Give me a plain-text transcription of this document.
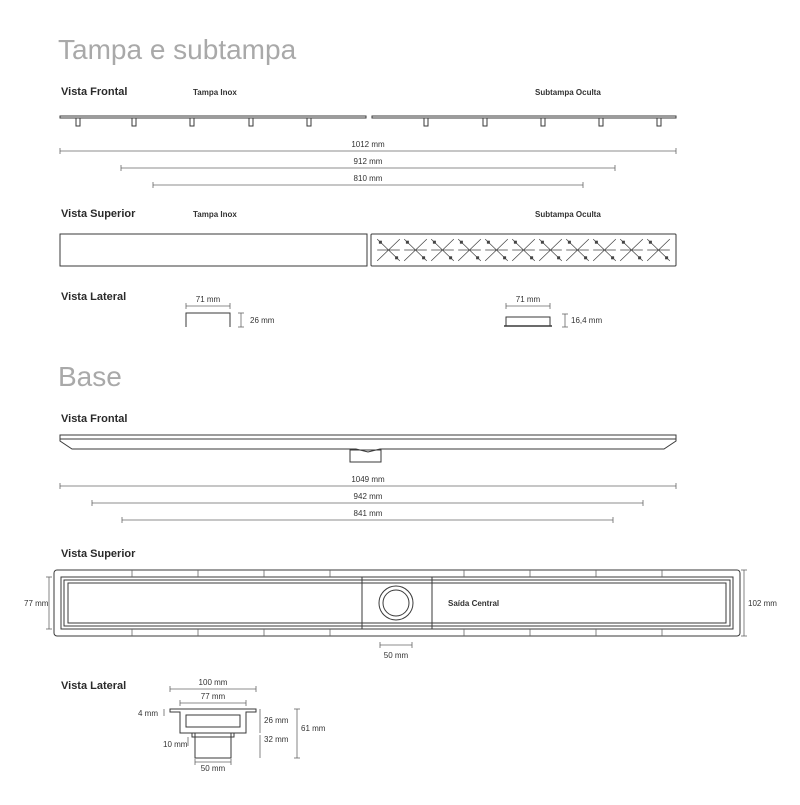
Tampa e subtampa
Vista Frontal	Tampa Inox	Subtampa Oculta
1012 mm
912 mm
810 mm
Vista Superior	Tampa Inox	Subtampa Oculta
Vista Lateral	71 mm
26 mm
71 mm
16,4 mm
Base
Vista Frontal
1049 mm
942 mm
841 mm
Vista Superior
Saída Central
77 mm	102 mm
50 mm
Vista Lateral	100 mm
77 mm
4 mm
10 mm
26 mm
32 mm
61 mm
50 mm
